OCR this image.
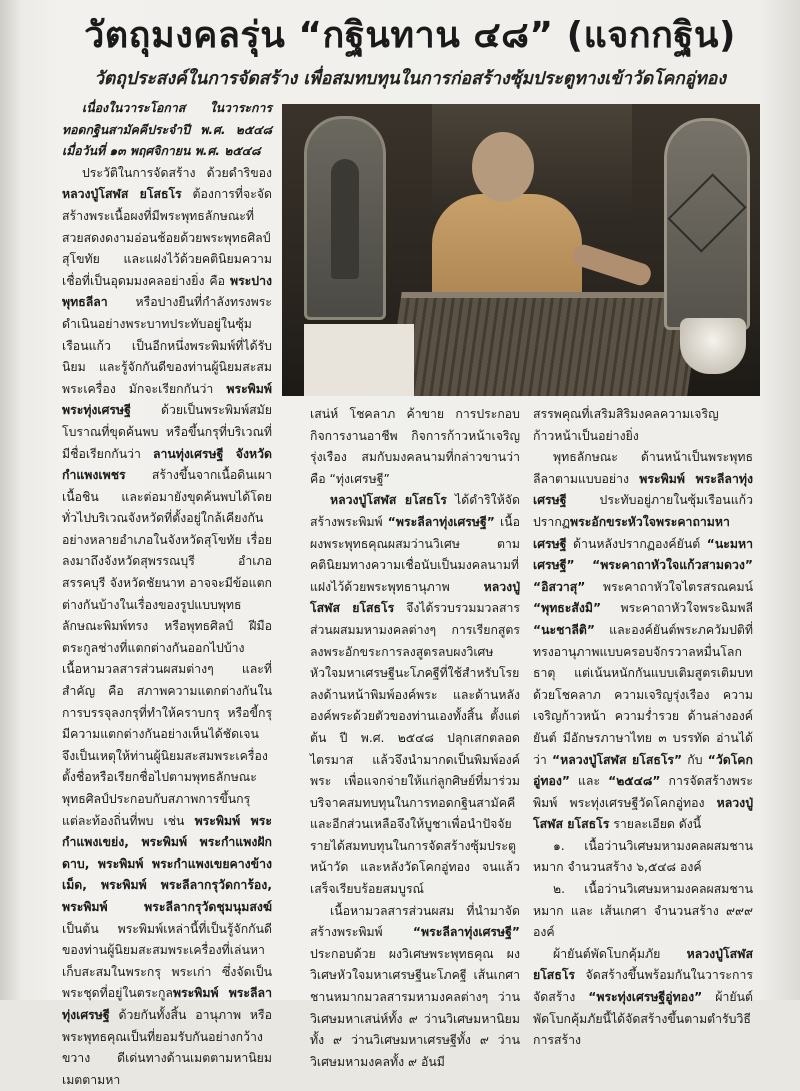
วัตถุมงคลรุ่น “กฐินทาน ๔๘” (แจกกฐิน)
วัตถุประสงค์ในการจัดสร้าง เพื่อสมทบทุนในการก่อสร้างซุ้มประตูทางเข้าวัดโคกอู่ทอง

เนื่องในวาระโอกาส ในวาระการทอดกฐินสามัคคีประจำปี พ.ศ. ๒๕๔๘ เมื่อวันที่ ๑๓ พฤศจิกายน พ.ศ. ๒๕๔๘

ประวัติในการจัดสร้าง ด้วยดำริของ หลวงปู่โสฬส ยโสธโร ต้องการที่จะจัดสร้างพระเนื้อผงที่มีพระพุทธลักษณะที่สวยสดงดงามอ่อนช้อยด้วยพระพุทธศิลป์สุโขทัย และแฝงไว้ด้วยคตินิยมความเชื่อที่เป็นอุดมมงคลอย่างยิ่ง คือ พระปางพุทธลีลา หรือปางยืนที่กำลังทรงพระดำเนินอย่างพระบาทประทับอยู่ในซุ้มเรือนแก้ว เป็นอีกหนึ่งพระพิมพ์ที่ได้รับนิยม และรู้จักกันดีของท่านผู้นิยมสะสมพระเครื่อง มักจะเรียกกันว่า พระพิมพ์พระทุ่งเศรษฐี ด้วยเป็นพระพิมพ์สมัยโบราณที่ขุดค้นพบ หรือขึ้นกรุที่บริเวณที่มีชื่อเรียกกันว่า ลานทุ่งเศรษฐี จังหวัดกำแพงเพชร สร้างขึ้นจากเนื้อดินเผา เนื้อชิน และต่อมายังขุดค้นพบได้โดยทั่วไปบริเวณจังหวัดที่ตั้งอยู่ใกล้เคียงกันอย่างหลายอำเภอในจังหวัดสุโขทัย เรื่อยลงมาถึงจังหวัดสุพรรณบุรี อำเภอสรรคบุรี จังหวัดชัยนาท อาจจะมีข้อแตกต่างกันบ้างในเรื่องของรูปแบบพุทธลักษณะพิมพ์ทรง หรือพุทธศิลป์ ฝีมือตระกูลช่างที่แตกต่างกันออกไปบ้าง เนื้อหามวลสารส่วนผสมต่างๆ และที่สำคัญ คือ สภาพความแตกต่างกันในการบรรจุลงกรุที่ทำให้คราบกรุ หรือขี้กรุมีความแตกต่างกันอย่างเห็นได้ชัดเจน จึงเป็นเหตุให้ท่านผู้นิยมสะสมพระเครื่อง ตั้งชื่อหรือเรียกชื่อไปตามพุทธลักษณะ พุทธศิลป์ประกอบกับสภาพการขึ้นกรุแต่ละท้องถิ่นที่พบ เช่น พระพิมพ์ พระกำแพงเขย่ง, พระพิมพ์ พระกำแพงฝักดาบ, พระพิมพ์ พระกำแพงเขยคางข้างเม็ด, พระพิมพ์ พระลีลากรุวัดการ้อง, พระพิมพ์ พระลีลากรุวัดชุมนุมสงฆ์ เป็นต้น พระพิมพ์เหล่านี้ที่เป็นรู้จักกันดีของท่านผู้นิยมสะสมพระเครื่องที่เล่นหาเก็บสะสมในพระกรุ พระเก่า ซึ่งจัดเป็นพระชุดที่อยู่ในตระกูลพระพิมพ์ พระลีลาทุ่งเศรษฐี ด้วยกันทั้งสิ้น อานุภาพ หรือพระพุทธคุณเป็นที่ยอมรับกันอย่างกว้างขวาง ดีเด่นทางด้านเมตตามหานิยม เมตตามหา

เสน่ห์ โชคลาภ ค้าขาย การประกอบกิจการงานอาชีพ กิจการก้าวหน้าเจริญรุ่งเรือง สมกับมงคลนามที่กล่าวขานว่า คือ “ทุ่งเศรษฐี”

หลวงปู่โสฬส ยโสธโร ได้ดำริให้จัดสร้างพระพิมพ์ “พระลีลาทุ่งเศรษฐี” เนื้อผงพระพุทธคุณผสมว่านวิเศษ ตามคตินิยมทางความเชื่อนับเป็นมงคลนามที่แฝงไว้ด้วยพระพุทธานุภาพ หลวงปู่โสฬส ยโสธโร จึงได้รวบรวมมวลสารส่วนผสมมหามงคลต่างๆ การเรียกสูตรลงพระอักขระการลงสูตรลบผงวิเศษ หัวใจมหาเศรษฐีนะโภคฐีที่ใช้สำหรับโรยลงด้านหน้าพิมพ์องค์พระ และด้านหลังองค์พระด้วยตัวของท่านเองทั้งสิ้น ตั้งแต่ต้น ปี พ.ศ. ๒๕๔๘ ปลุกเสกตลอดไตรมาส แล้วจึงนำมากดเป็นพิมพ์องค์พระ เพื่อแจกจ่ายให้แก่ลูกศิษย์ที่มาร่วมบริจาคสมทบทุนในการทอดกฐินสามัคคี และอีกส่วนเหลือจึงให้บูชาเพื่อนำปัจจัยรายได้สมทบทุนในการจัดสร้างซุ้มประตูหน้าวัด และหลังวัดโคกอู่ทอง จนแล้วเสร็จเรียบร้อยสมบูรณ์

เนื้อหามวลสารส่วนผสม ที่นำมาจัดสร้างพระพิมพ์ “พระลีลาทุ่งเศรษฐี” ประกอบด้วย ผงวิเศษพระพุทธคุณ ผงวิเศษหัวใจมหาเศรษฐีนะโภคฐี เส้นเกศา ชานหมากมวลสารมหามงคลต่างๆ ว่านวิเศษมหาเสน่ห์ทั้ง ๙ ว่านวิเศษมหานิยมทั้ง ๙ ว่านวิเศษมหาเศรษฐีทั้ง ๙ ว่านวิเศษมหามงคลทั้ง ๙ อันมี

สรรพคุณที่เสริมสิริมงคลความเจริญก้าวหน้าเป็นอย่างยิ่ง

พุทธลักษณะ ด้านหน้าเป็นพระพุทธลีลาตามแบบอย่าง พระพิมพ์ พระลีลาทุ่งเศรษฐี ประทับอยู่ภายในซุ้มเรือนแก้วปรากฏพระอักขระหัวใจพระคาถามหาเศรษฐี ด้านหลังปรากฏองค์ยันต์ “นะมหาเศรษฐี” “พระคาถาหัวใจแก้วสามดวง” “อิสวาสุ” พระคาถาหัวใจไตรสรณคมน์ “พุทธะสังมิ” พระคาถาหัวใจพระฉิมพลี “นะชาลีติ” และองค์ยันต์พระภควัมปติที่ทรงอานุภาพแบบครอบจักรวาลหมื่นโลกธาตุ แต่เน้นหนักกันแบบเติมสูตรเติมบทด้วยโชคลาภ ความเจริญรุ่งเรือง ความเจริญก้าวหน้า ความร่ำรวย ด้านล่างองค์ยันต์ มีอักษรภาษาไทย ๓ บรรทัด อ่านได้ว่า “หลวงปู่โสฬส ยโสธโร” กับ “วัดโคกอู่ทอง” และ “๒๕๔๘” การจัดสร้างพระพิมพ์ พระทุ่งเศรษฐีวัดโคกอู่ทอง หลวงปู่โสฬส ยโสธโร รายละเอียด ดังนี้

๑. เนื้อว่านวิเศษมหามงคลผสมชานหมาก จำนวนสร้าง ๖,๕๔๘ องค์

๒. เนื้อว่านวิเศษมหามงคลผสมชานหมาก และ เส้นเกศา จำนวนสร้าง ๙๙๙ องค์

ผ้ายันต์พัดโบกคุ้มภัย หลวงปู่โสฬส ยโสธโร จัดสร้างขึ้นพร้อมกันในวาระการจัดสร้าง “พระทุ่งเศรษฐีอู่ทอง” ผ้ายันต์พัดโบกคุ้มภัยนี้ได้จัดสร้างขึ้นตามตำรับวิธีการสร้าง
